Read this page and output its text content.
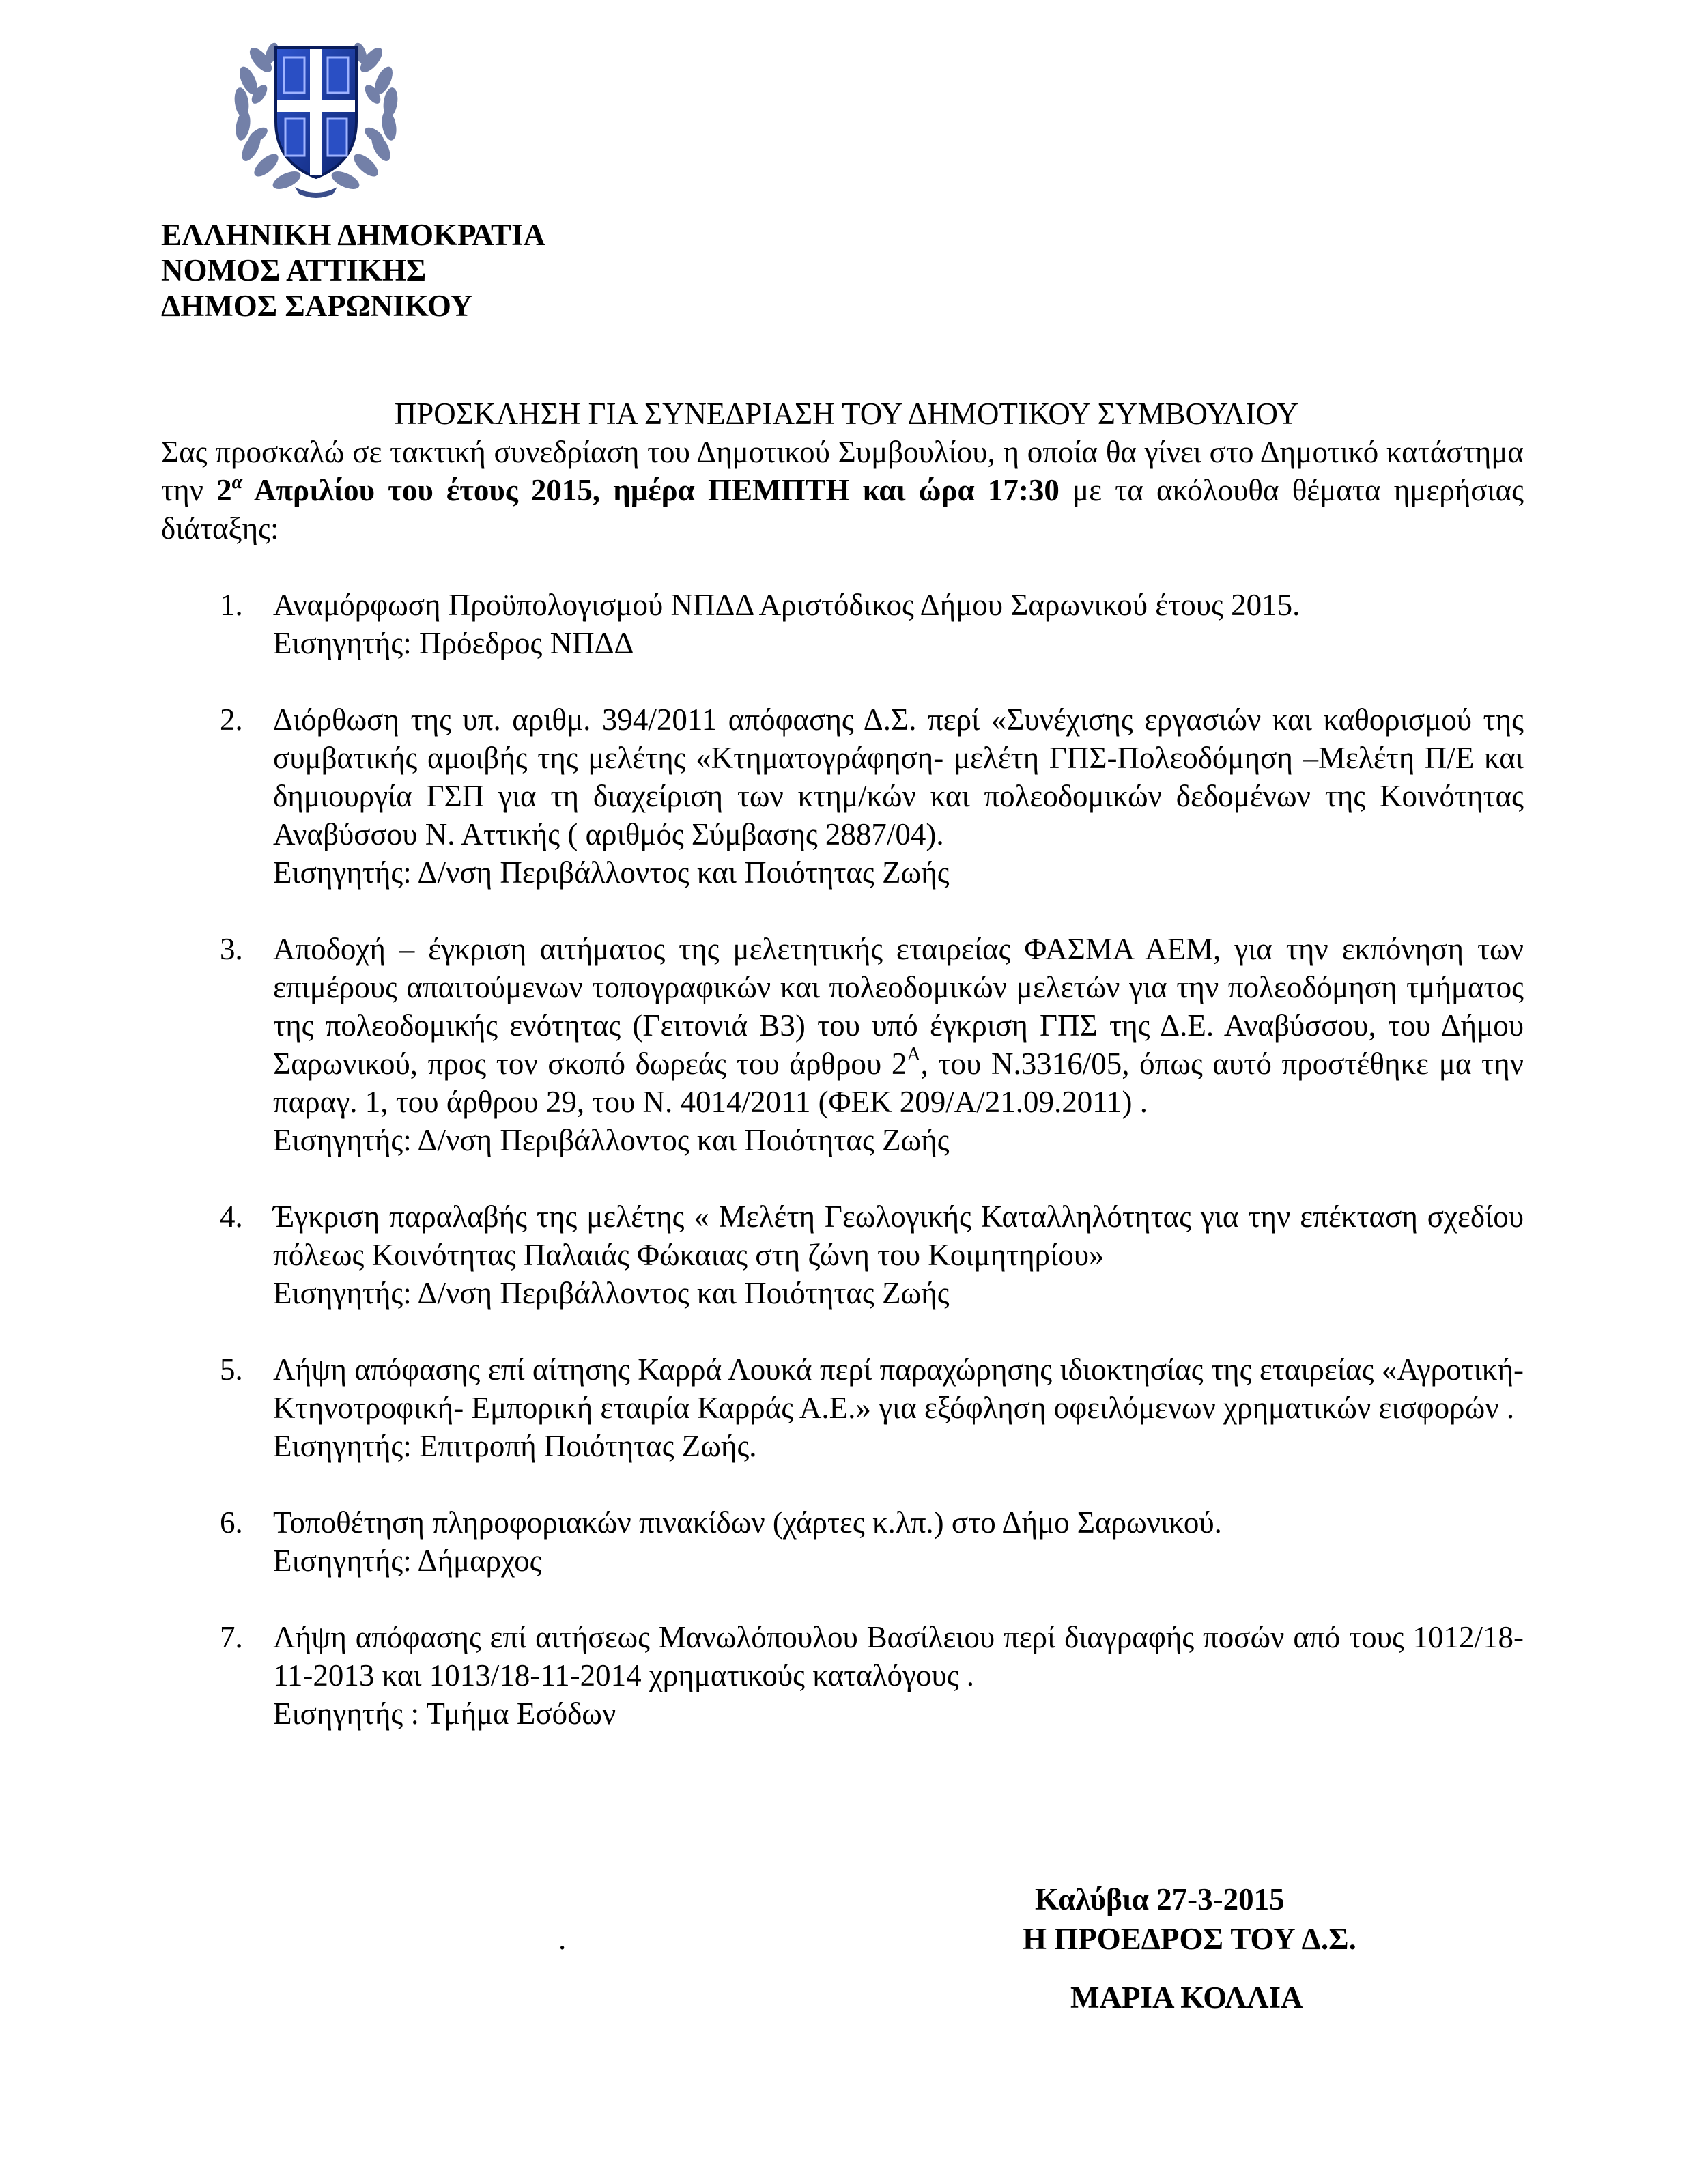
ΕΛΛΗΝΙΚΗ ΔΗΜΟΚΡΑΤΙΑ
ΝΟΜΟΣ ΑΤΤΙΚΗΣ
ΔΗΜΟΣ ΣΑΡΩΝΙΚΟΥ
ΠΡΟΣΚΛΗΣΗ ΓΙΑ ΣΥΝΕΔΡΙΑΣΗ ΤΟΥ ΔΗΜΟΤΙΚΟΥ ΣΥΜΒΟΥΛΙΟΥ
Σας προσκαλώ σε τακτική συνεδρίαση του Δημοτικού Συμβουλίου, η οποία θα γίνει στο Δημοτικό κατάστημα την $2^\alpha$ Απριλίου του έτους 2015, ημέρα ΠΕΜΠΤΗ και ώρα 17:30 με τα ακόλουθα θέματα ημερήσιας διάταξης:
1. Αναμόρφωση Προϋπολογισμού ΝΠΔΔ Αριστόδικος Δήμου Σαρωνικού έτους 2015.
Εισηγητής: Πρόεδρος ΝΠΔΔ
2. Διόρθωση της υπ. αριθμ. 394/2011 απόφασης Δ.Σ. περί «Συνέχισης εργασιών και καθορισμού της συμβατικής αμοιβής της μελέτης «Κτηματογράφηση- μελέτη ΓΠΣ-Πολεοδόμηση –Μελέτη Π/Ε και δημιουργία ΓΣΠ για τη διαχείριση των κτημ/κών και πολεοδομικών δεδομένων της Κοινότητας Αναβύσσου Ν. Αττικής ( αριθμός Σύμβασης 2887/04).
Εισηγητής: Δ/νση Περιβάλλοντος και Ποιότητας Ζωής
3. Αποδοχή – έγκριση αιτήματος της μελετητικής εταιρείας ΦΑΣΜΑ ΑΕΜ, για την εκπόνηση των επιμέρους απαιτούμενων τοπογραφικών και πολεοδομικών μελετών για την πολεοδόμηση τμήματος της πολεοδομικής ενότητας (Γειτονιά Β3) του υπό έγκριση ΓΠΣ της Δ.Ε. Αναβύσσου, του Δήμου Σαρωνικού, προς τον σκοπό δωρεάς του άρθρου $2^A$, του Ν.3316/05, όπως αυτό προστέθηκε μα την παραγ. 1, του άρθρου 29, του Ν. 4014/2011 (ΦΕΚ 209/Α/21.09.2011) .
Εισηγητής: Δ/νση Περιβάλλοντος και Ποιότητας Ζωής
4. Έγκριση παραλαβής της μελέτης « Μελέτη Γεωλογικής Καταλληλότητας για την επέκταση σχεδίου πόλεως Κοινότητας Παλαιάς Φώκαιας στη ζώνη του Κοιμητηρίου»
Εισηγητής: Δ/νση Περιβάλλοντος και Ποιότητας Ζωής
5. Λήψη απόφασης επί αίτησης Καρρά Λουκά περί παραχώρησης ιδιοκτησίας της εταιρείας «Αγροτική- Κτηνοτροφική- Εμπορική εταιρία Καρράς Α.Ε.» για εξόφληση οφειλόμενων χρηματικών εισφορών .
Εισηγητής: Επιτροπή Ποιότητας Ζωής.
6. Τοποθέτηση πληροφοριακών πινακίδων (χάρτες κ.λπ.) στο Δήμο Σαρωνικού.
Εισηγητής: Δήμαρχος
7. Λήψη απόφασης επί αιτήσεως Μανωλόπουλου Βασίλειου περί διαγραφής ποσών από τους 1012/18-11-2013 και 1013/18-11-2014 χρηματικούς καταλόγους .
Εισηγητής : Τμήμα Εσόδων
Καλύβια 27-3-2015
.	Η ΠΡΟΕΔΡΟΣ ΤΟΥ Δ.Σ.
ΜΑΡΙΑ ΚΟΛΛΙΑ
